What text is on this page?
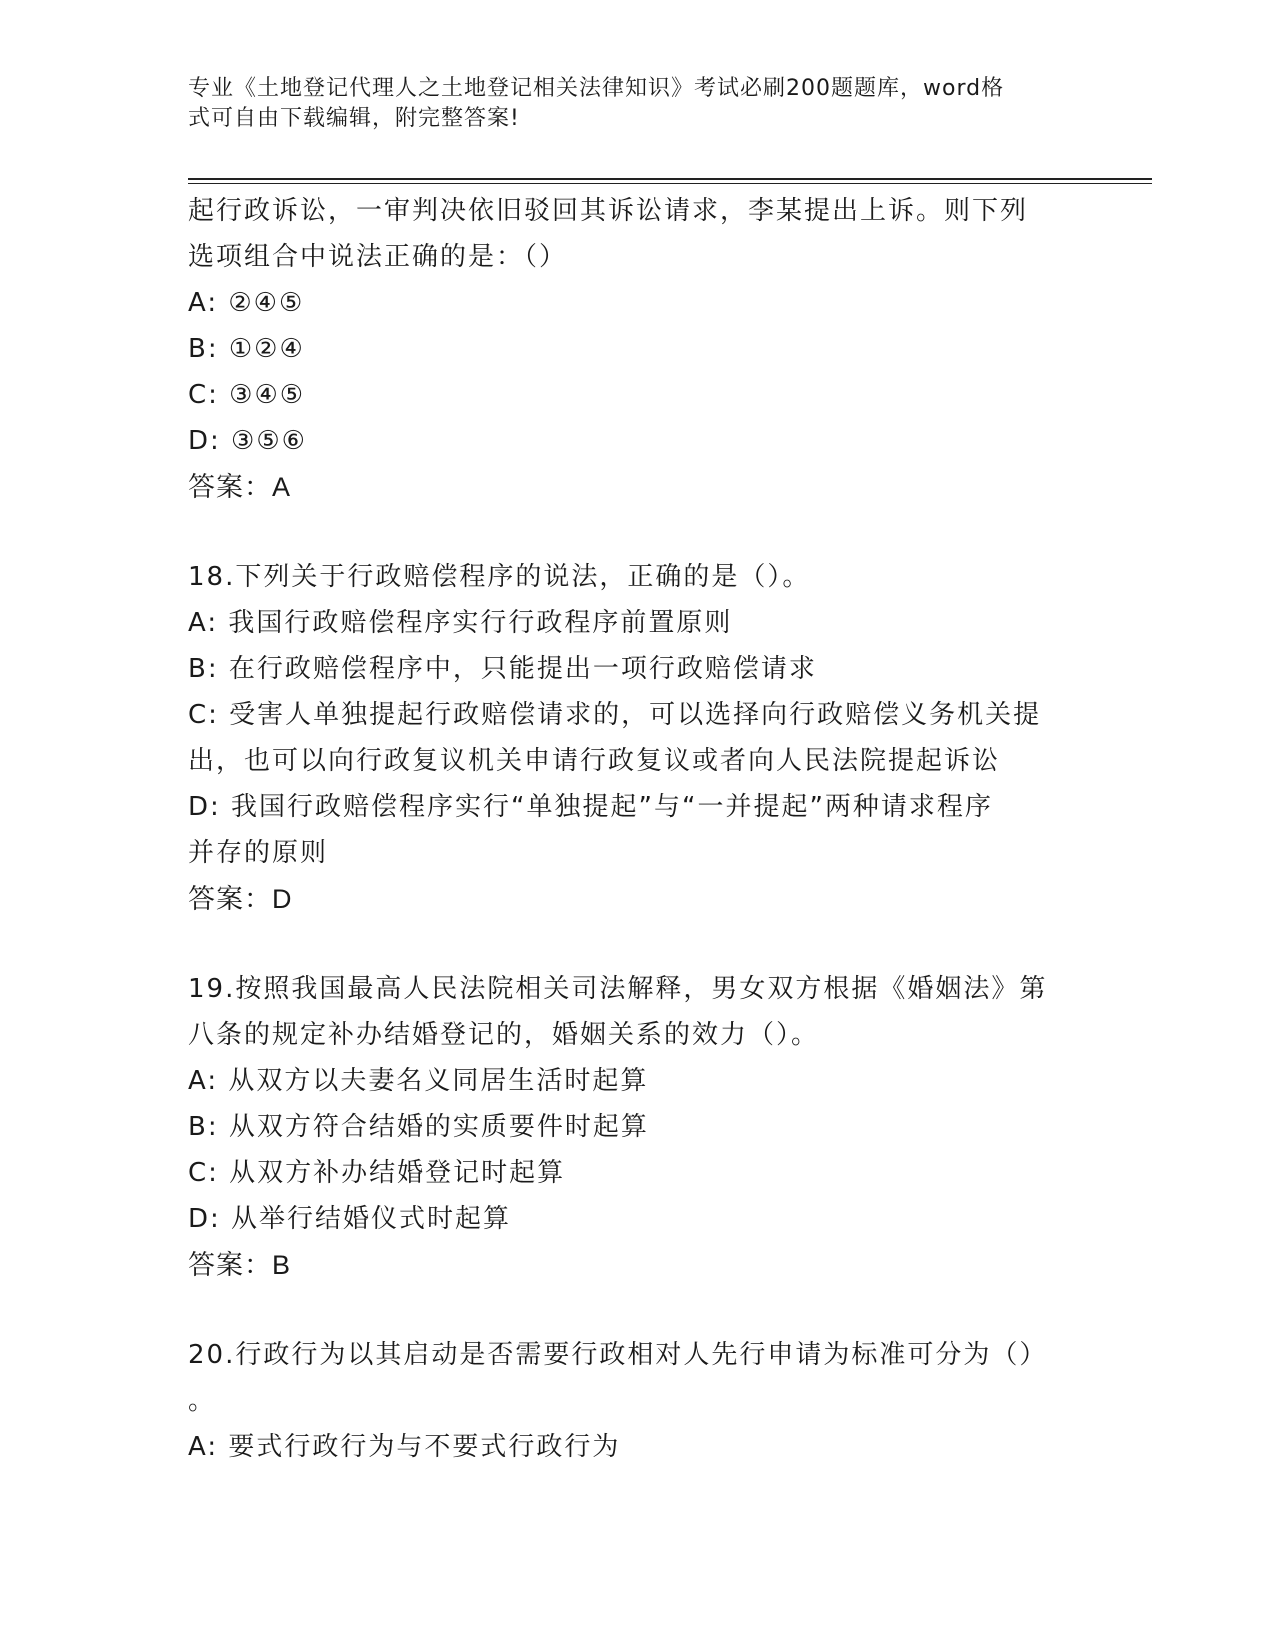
专业《土地登记代理人之土地登记相关法律知识》考试必刷200题题库，word格
式可自由下载编辑，附完整答案!
起行政诉讼，一审判决依旧驳回其诉讼请求，李某提出上诉。则下列
选项组合中说法正确的是：（）
A: ②④⑤
B: ①②④
C: ③④⑤
D: ③⑤⑥
答案：A
18.下列关于行政赔偿程序的说法，正确的是（）。
A: 我国行政赔偿程序实行行政程序前置原则
B: 在行政赔偿程序中，只能提出一项行政赔偿请求
C: 受害人单独提起行政赔偿请求的，可以选择向行政赔偿义务机关提
出，也可以向行政复议机关申请行政复议或者向人民法院提起诉讼
D: 我国行政赔偿程序实行“单独提起”与“一并提起”两种请求程序
并存的原则
答案：D
19.按照我国最高人民法院相关司法解释，男女双方根据《婚姻法》第
八条的规定补办结婚登记的，婚姻关系的效力（）。
A: 从双方以夫妻名义同居生活时起算
B: 从双方符合结婚的实质要件时起算
C: 从双方补办结婚登记时起算
D: 从举行结婚仪式时起算
答案：B
20.行政行为以其启动是否需要行政相对人先行申请为标准可分为（）
。
A: 要式行政行为与不要式行政行为
